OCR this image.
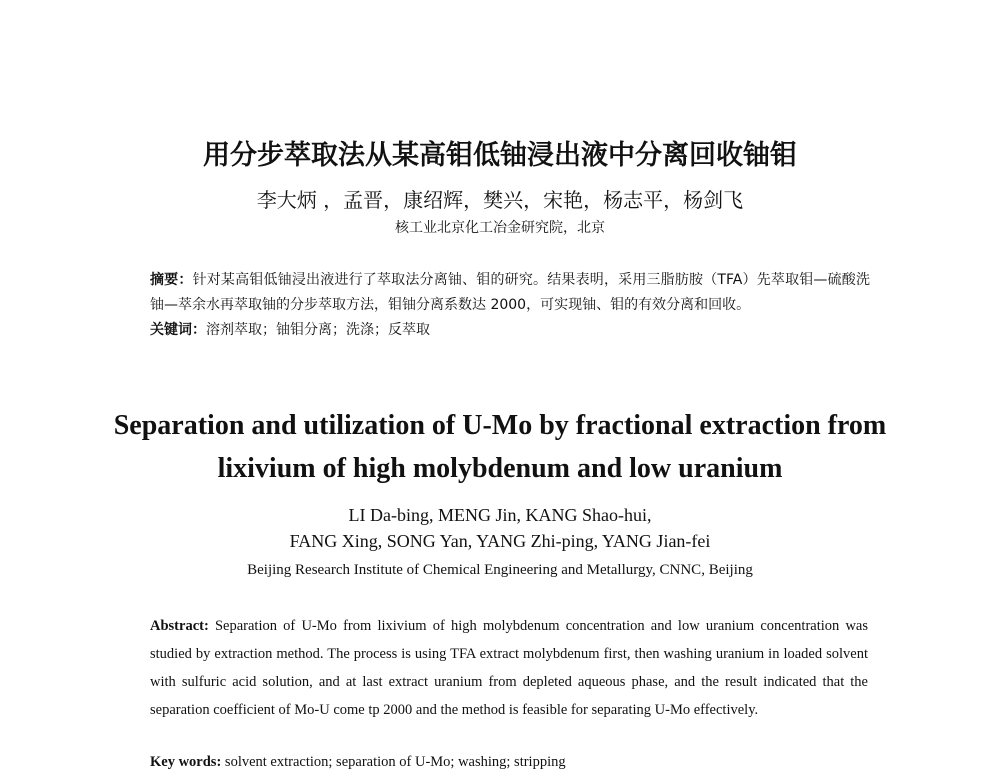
用分步萃取法从某高钼低铀浸出液中分离回收铀钼
李大炳 ，孟晋，康绍辉，樊兴，宋艳，杨志平，杨剑飞
核工业北京化工冶金研究院，北京
摘要：针对某高钼低铀浸出液进行了萃取法分离铀、钼的研究。结果表明，采用三脂肪胺（TFA）先萃取钼—硫酸洗铀—萃余水再萃取铀的分步萃取方法，钼铀分离系数达 2000，可实现铀、钼的有效分离和回收。
关键词：溶剂萃取；铀钼分离；洗涤；反萃取
Separation and utilization of U-Mo by fractional extraction from
lixivium of high molybdenum and low uranium
LI Da-bing, MENG Jin, KANG Shao-hui,
FANG Xing, SONG Yan, YANG Zhi-ping, YANG Jian-fei
Beijing Research Institute of Chemical Engineering and Metallurgy, CNNC, Beijing
Abstract: Separation of U-Mo from lixivium of high molybdenum concentration and low uranium concentration was studied by extraction method. The process is using TFA extract molybdenum first, then washing uranium in loaded solvent with sulfuric acid solution, and at last extract uranium from depleted aqueous phase, and the result indicated that the separation coefficient of Mo-U come tp 2000 and the method is feasible for separating U-Mo effectively.
Key words: solvent extraction; separation of U-Mo; washing; stripping
